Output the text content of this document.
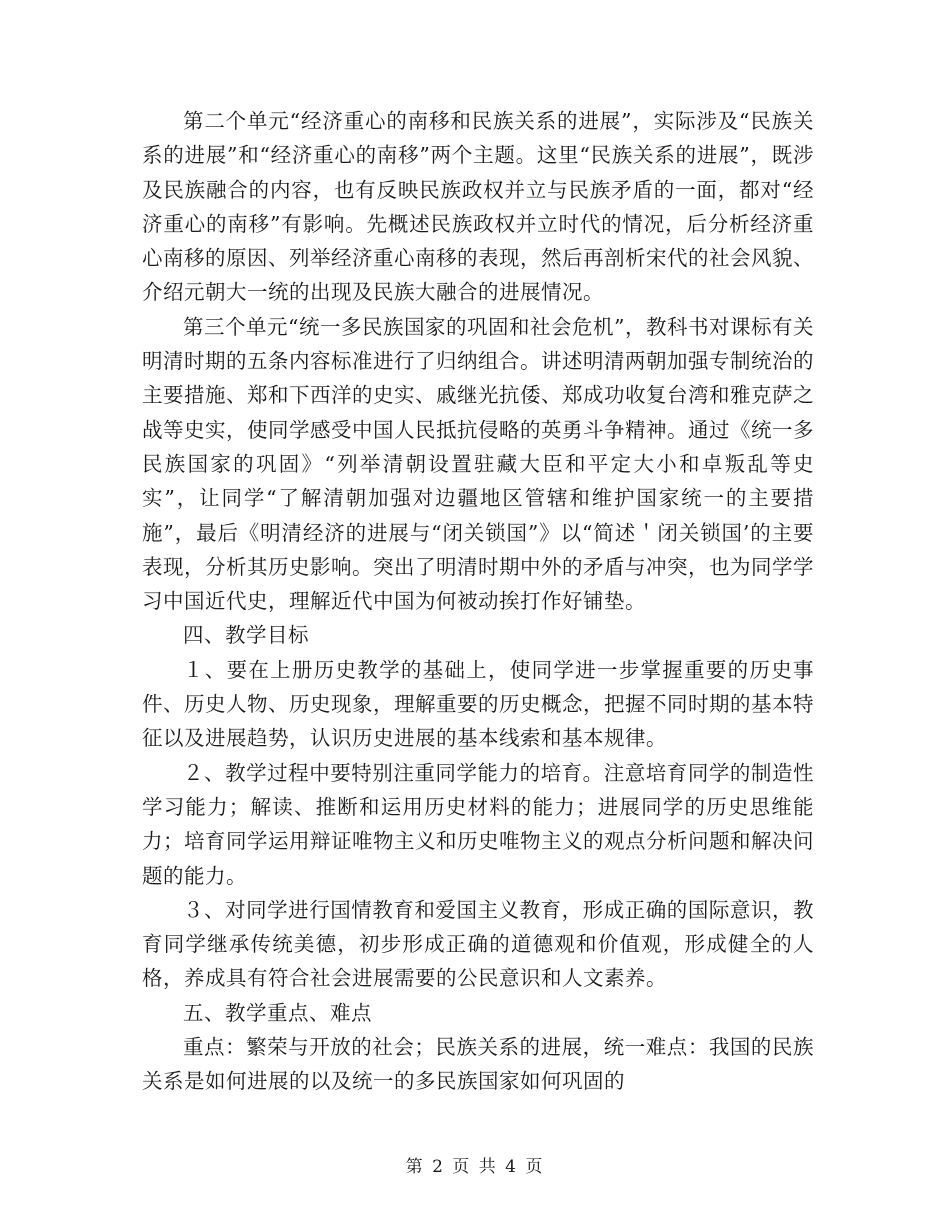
第二个单元“经济重心的南移和民族关系的进展”，实际涉及“民族关系的进展”和“经济重心的南移”两个主题。这里“民族关系的进展”，既涉及民族融合的内容，也有反映民族政权并立与民族矛盾的一面，都对“经济重心的南移”有影响。先概述民族政权并立时代的情况，后分析经济重心南移的原因、列举经济重心南移的表现，然后再剖析宋代的社会风貌、介绍元朝大一统的出现及民族大融合的进展情况。

第三个单元“统一多民族国家的巩固和社会危机”，教科书对课标有关明清时期的五条内容标准进行了归纳组合。讲述明清两朝加强专制统治的主要措施、郑和下西洋的史实、戚继光抗倭、郑成功收复台湾和雅克萨之战等史实，使同学感受中国人民抵抗侵略的英勇斗争精神。通过《统一多民族国家的巩固》“列举清朝设置驻藏大臣和平定大小和卓叛乱等史实”，让同学“了解清朝加强对边疆地区管辖和维护国家统一的主要措施”，最后《明清经济的进展与“闭关锁国”》以“简述＇闭关锁国’的主要表现，分析其历史影响。突出了明清时期中外的矛盾与冲突，也为同学学习中国近代史，理解近代中国为何被动挨打作好铺垫。

四、教学目标

１、要在上册历史教学的基础上，使同学进一步掌握重要的历史事件、历史人物、历史现象，理解重要的历史概念，把握不同时期的基本特征以及进展趋势，认识历史进展的基本线索和基本规律。

２、教学过程中要特别注重同学能力的培育。注意培育同学的制造性学习能力；解读、推断和运用历史材料的能力；进展同学的历史思维能力；培育同学运用辩证唯物主义和历史唯物主义的观点分析问题和解决问题的能力。

３、对同学进行国情教育和爱国主义教育，形成正确的国际意识，教育同学继承传统美德，初步形成正确的道德观和价值观，形成健全的人格，养成具有符合社会进展需要的公民意识和人文素养。

五、教学重点、难点

重点：繁荣与开放的社会；民族关系的进展，统一难点：我国的民族关系是如何进展的以及统一的多民族国家如何巩固的

第 2 页 共 4 页
